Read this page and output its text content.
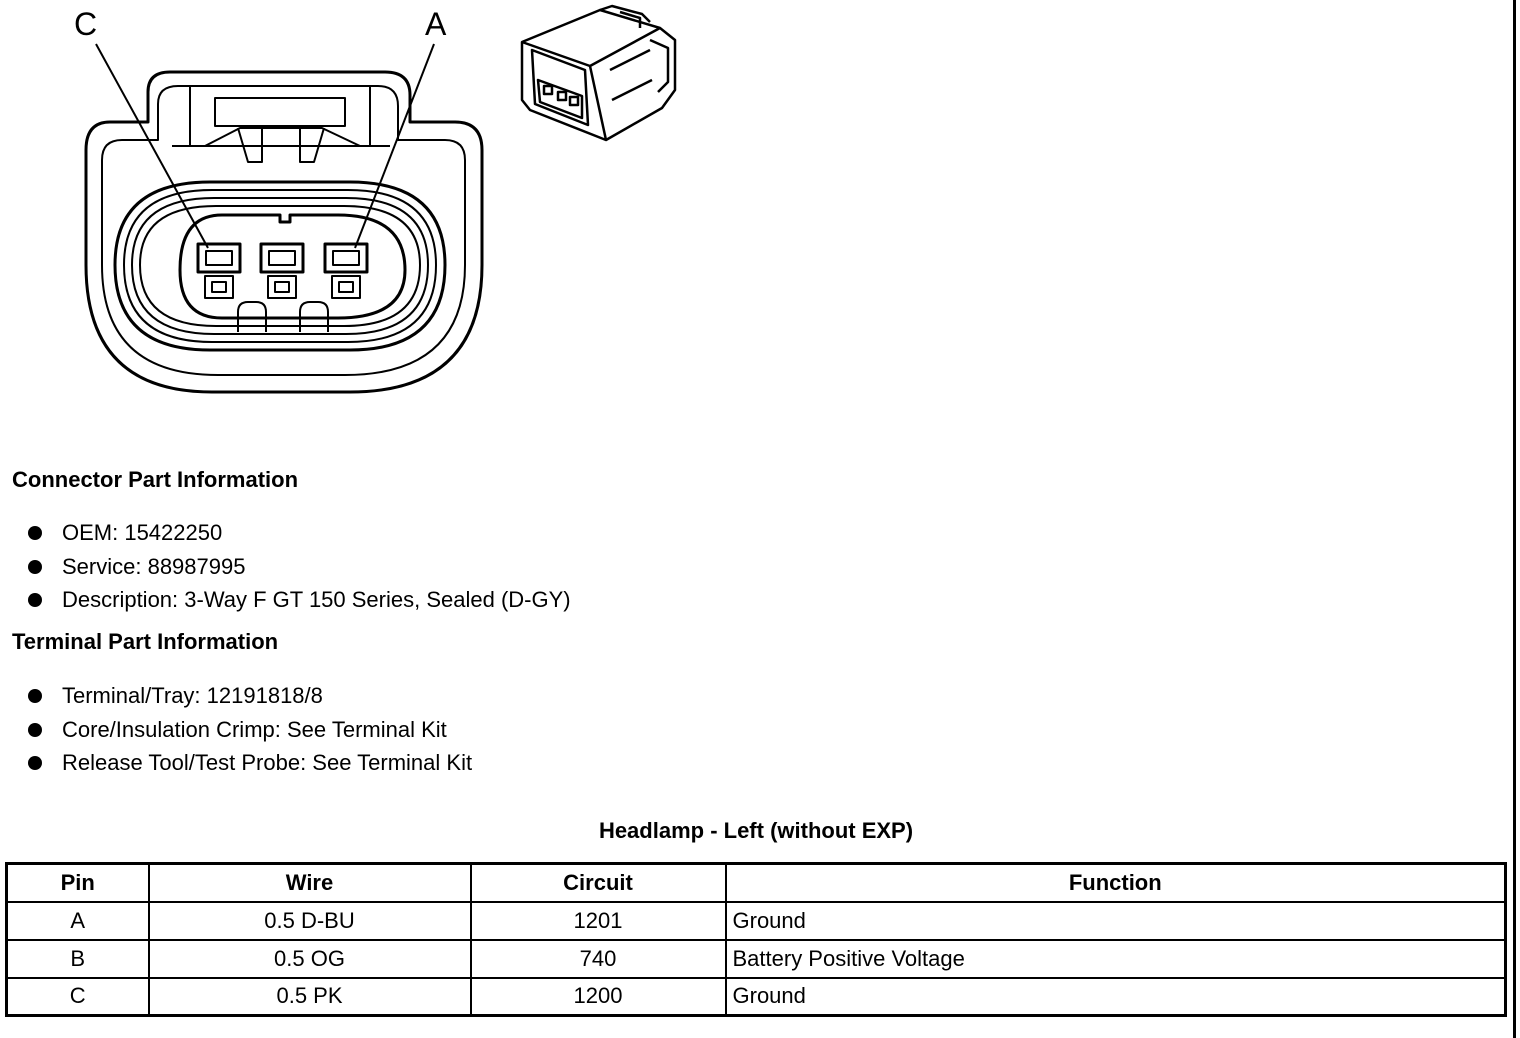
C	A
Connector Part Information
OEM: 15422250
Service: 88987995
Description: 3-Way F GT 150 Series, Sealed (D-GY)
Terminal Part Information
Terminal/Tray: 12191818/8
Core/Insulation Crimp: See Terminal Kit
Release Tool/Test Probe: See Terminal Kit
Headlamp - Left (without EXP)
Pin	Wire	Circuit	Function
A	0.5 D-BU	1201	Ground
B	0.5 OG	740	Battery Positive Voltage
C	0.5 PK	1200	Ground
